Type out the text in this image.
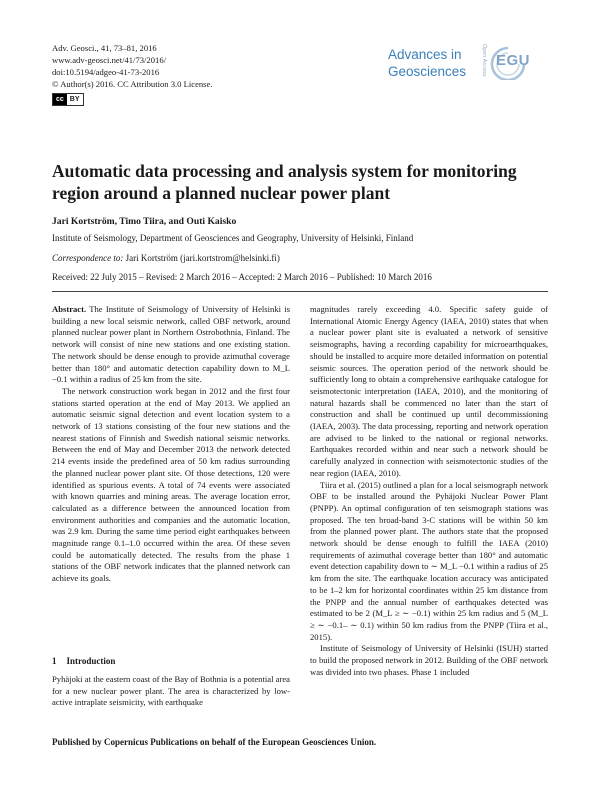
Adv. Geosci., 41, 73–81, 2016
www.adv-geosci.net/41/73/2016/
doi:10.5194/adgeo-41-73-2016
© Author(s) 2016. CC Attribution 3.0 License.
cc BY
Advances in
Geosciences	Open Access EGU
Automatic data processing and analysis system for monitoring region around a planned nuclear power plant
Jari Kortström, Timo Tiira, and Outi Kaisko
Institute of Seismology, Department of Geosciences and Geography, University of Helsinki, Finland
Correspondence to: Jari Kortström (jari.kortstrom@helsinki.fi)
Received: 22 July 2015 – Revised: 2 March 2016 – Accepted: 2 March 2016 – Published: 10 March 2016

Abstract. The Institute of Seismology of University of Helsinki is building a new local seismic network, called OBF network, around planned nuclear power plant in Northern Ostrobothnia, Finland. The network will consist of nine new stations and one existing station. The network should be dense enough to provide azimuthal coverage better than 180° and automatic detection capability down to M_L −0.1 within a radius of 25 km from the site.

The network construction work began in 2012 and the first four stations started operation at the end of May 2013. We applied an automatic seismic signal detection and event location system to a network of 13 stations consisting of the four new stations and the nearest stations of Finnish and Swedish national seismic networks. Between the end of May and December 2013 the network detected 214 events inside the predefined area of 50 km radius surrounding the planned nuclear power plant site. Of those detections, 120 were identified as spurious events. A total of 74 events were associated with known quarries and mining areas. The average location error, calculated as a difference between the announced location from environment authorities and companies and the automatic location, was 2.9 km. During the same time period eight earthquakes between magnitude range 0.1–1.0 occurred within the area. Of these seven could be automatically detected. The results from the phase 1 stations of the OBF network indicates that the planned network can achieve its goals.

1 Introduction
Pyhäjoki at the eastern coast of the Bay of Bothnia is a potential area for a new nuclear power plant. The area is characterized by low-active intraplate seismicity, with earthquake

magnitudes rarely exceeding 4.0. Specific safety guide of International Atomic Energy Agency (IAEA, 2010) states that when a nuclear power plant site is evaluated a network of sensitive seismographs, having a recording capability for microearthquakes, should be installed to acquire more detailed information on potential seismic sources. The operation period of the network should be sufficiently long to obtain a comprehensive earthquake catalogue for seismotectonic interpretation (IAEA, 2010), and the monitoring of natural hazards shall be commenced no later than the start of construction and shall be continued up until decommissioning (IAEA, 2003). The data processing, reporting and network operation are advised to be linked to the national or regional networks. Earthquakes recorded within and near such a network should be carefully analyzed in connection with seismotectonic studies of the near region (IAEA, 2010).

Tiira et al. (2015) outlined a plan for a local seismograph network OBF to be installed around the Pyhäjoki Nuclear Power Plant (PNPP). An optimal configuration of ten seismograph stations was proposed. The ten broad-band 3-C stations will be within 50 km from the planned power plant. The authors state that the proposed network should be dense enough to fulfill the IAEA (2010) requirements of azimuthal coverage better than 180° and automatic event detection capability down to ∼ M_L −0.1 within a radius of 25 km from the site. The earthquake location accuracy was anticipated to be 1–2 km for horizontal coordinates within 25 km distance from the PNPP and the annual number of earthquakes detected was estimated to be 2 (M_L ≥ ∼ −0.1) within 25 km radius and 5 (M_L ≥ ∼ −0.1– ∼ 0.1) within 50 km radius from the PNPP (Tiira et al., 2015).

Institute of Seismology of University of Helsinki (ISUH) started to build the proposed network in 2012. Building of the OBF network was divided into two phases. Phase 1 included

Published by Copernicus Publications on behalf of the European Geosciences Union.
